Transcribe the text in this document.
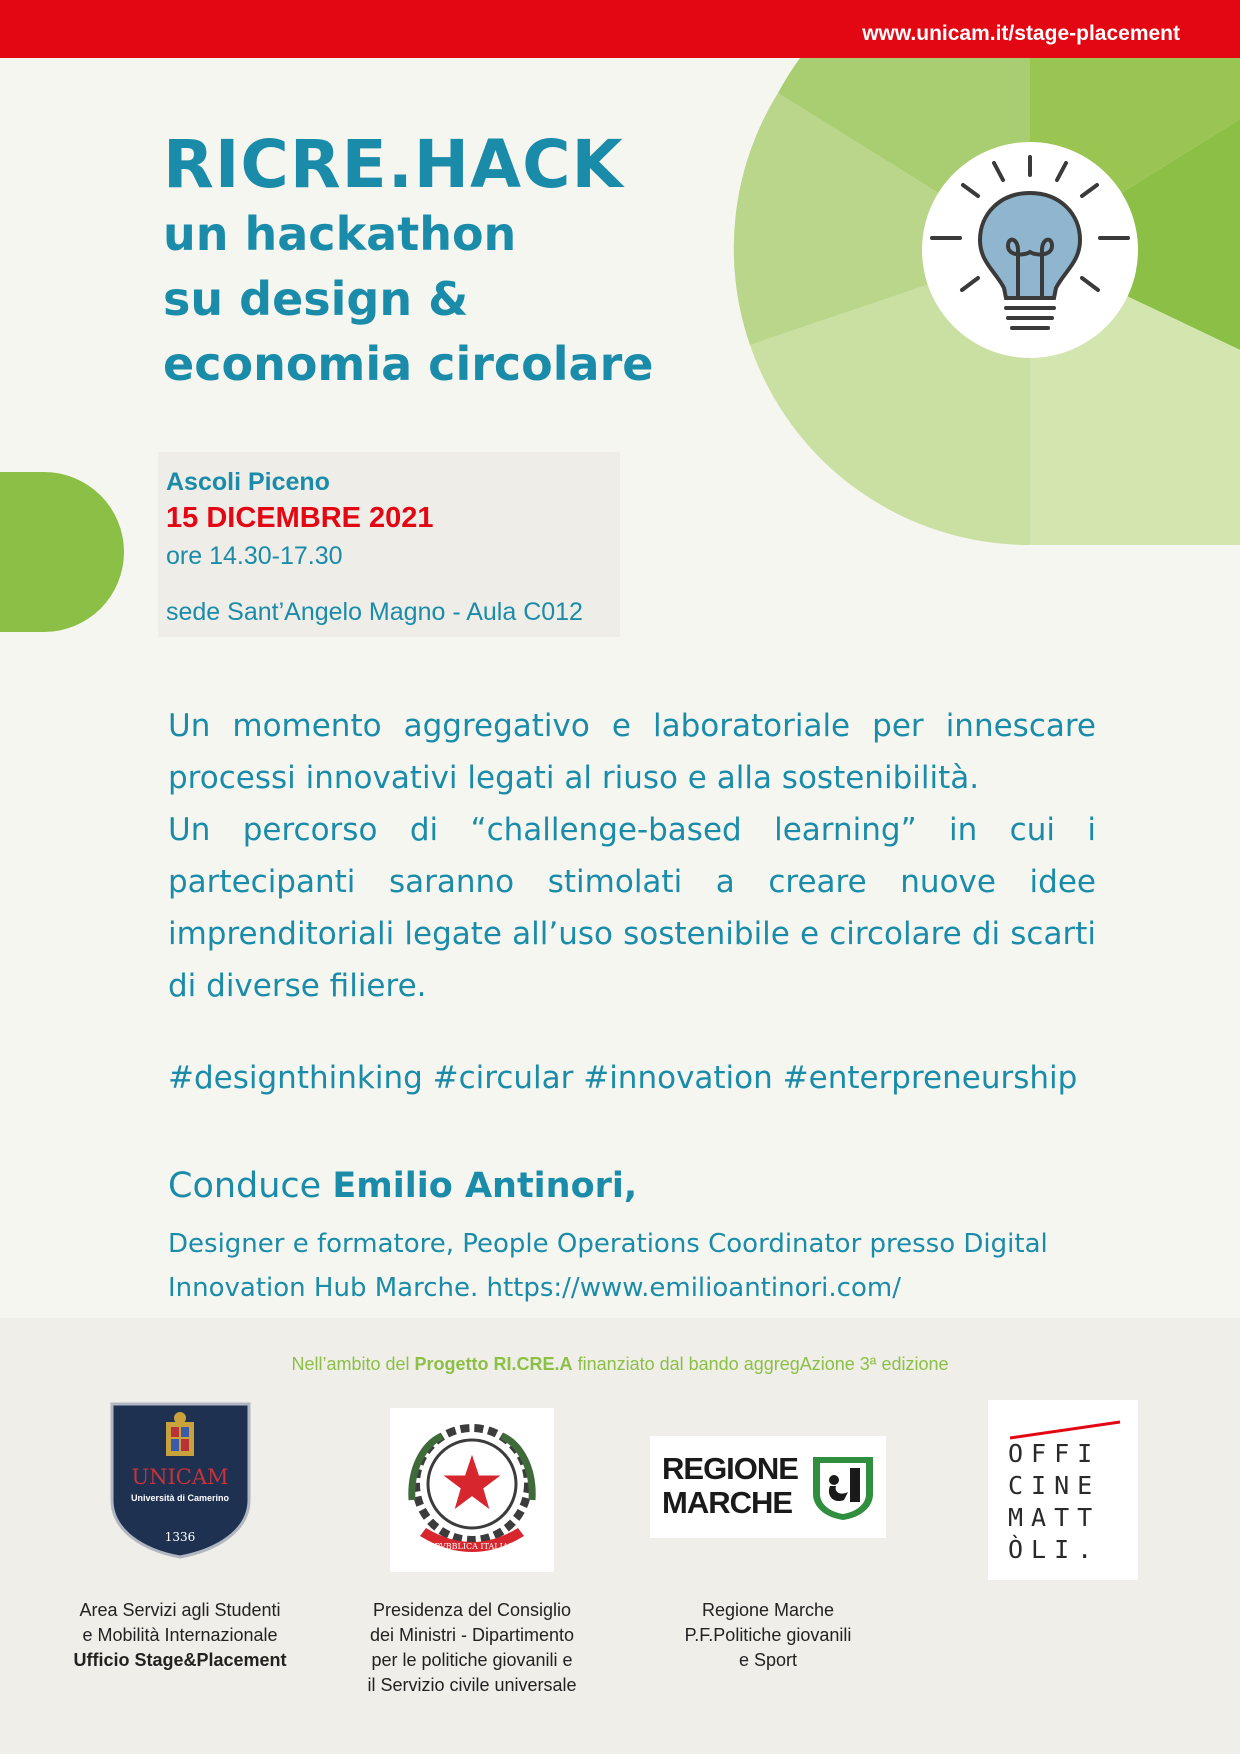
www.unicam.it/stage-placement
RICRE.HACK
un hackathon
su design &
economia circolare
Ascoli Piceno
15 DICEMBRE 2021
ore 14.30-17.30
sede Sant’Angelo Magno - Aula C012

Un momento aggregativo e laboratoriale per innescare processi innovativi legati al riuso e alla sostenibilità.

Un percorso di “challenge-based learning” in cui i partecipanti saranno stimolati a creare nuove idee imprenditoriali legate all’uso sostenibile e circolare di scarti di diverse filiere.

#designthinking #circular #innovation #enterpreneurship
Conduce Emilio Antinori,

Designer e formatore, People Operations Coordinator presso Digital

Innovation Hub Marche. https://www.emilioantinori.com/

Nell’ambito del Progetto RI.CRE.A finanziato dal bando aggregAzione 3ª edizione
UNICAM
Università di Camerino
1336

Area Servizi agli Studenti

e Mobilità Internazionale

Ufficio Stage&Placement

REPVBBLICA ITALIANA

Presidenza del Consiglio

dei Ministri - Dipartimento

per le politiche giovanili e

il Servizio civile universale

REGIONE
MARCHE

Regione Marche

P.F.Politiche giovanili

e Sport

OFFI
CINE
MATT
ÒLI.
